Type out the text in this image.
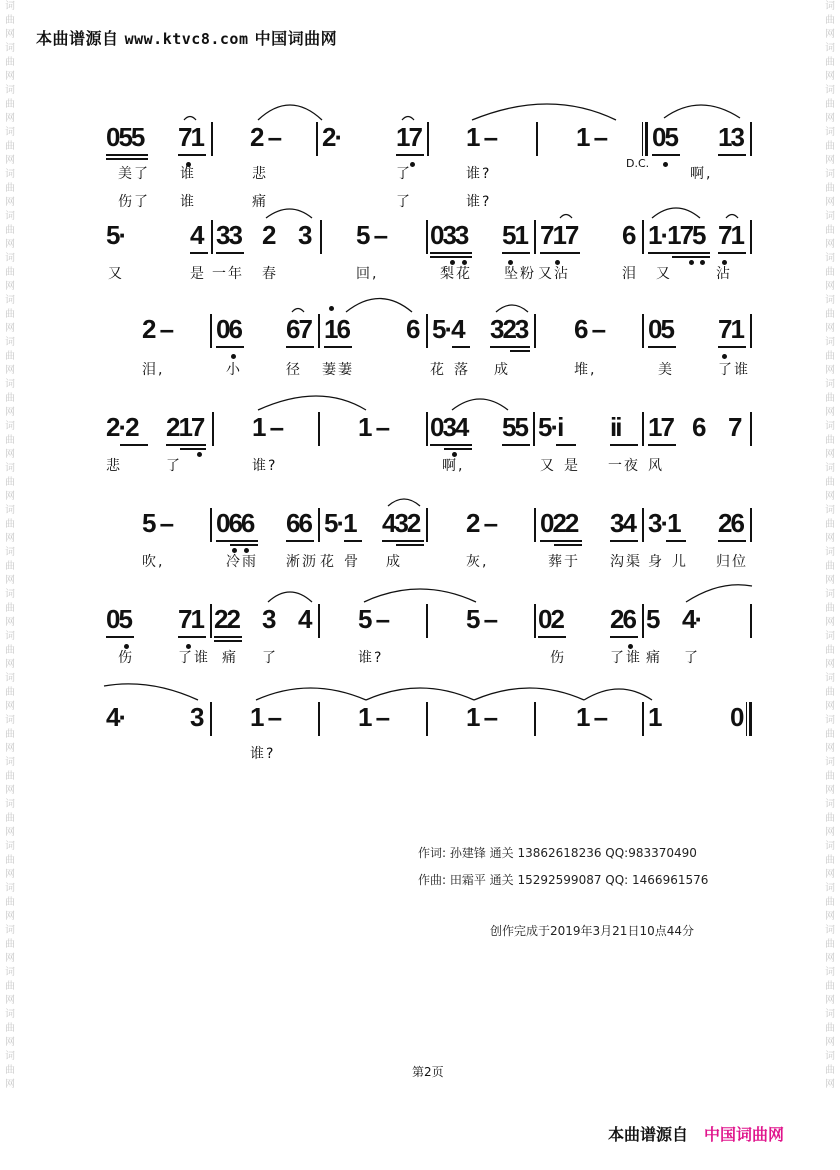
词曲网词曲网词曲网词曲网词曲网词曲网词曲网词曲网词曲网词曲网词曲网词曲网词曲网词曲网词曲网词曲网词曲网词曲网词曲网词曲网词曲网词曲网词曲网词曲网词曲网词曲网
词曲网词曲网词曲网词曲网词曲网词曲网词曲网词曲网词曲网词曲网词曲网词曲网词曲网词曲网词曲网词曲网词曲网词曲网词曲网词曲网词曲网词曲网词曲网词曲网词曲网词曲网
本曲谱源自 www.ktvc8.com 中国词曲网
055 71 2 – 2· 17 1 –	1 – 05 13
D.C.
美了 谁	悲	了	谁?	啊,
伤了 谁	痛	了	谁?
5· 4 33 2 3 5 – 033 51 717 6 1·175 71
又	是 一年 春	回,	梨花 坠粉 又沾	泪 又	沾
2 – 06 67 16 6 5·4 323 6 – 05 71
泪,	小	径 萋萋	花 落 成	堆,	美	了谁
2·2 217 1 –	1 – 034 55 5·i ii 17 6 7
悲	了	谁?	啊,	又 是 一夜 风
5 – 066 66 5·1 432 2 – 022 34 3·1 26
吹,	冷雨 淅沥 花 骨 成	灰,	葬于 沟渠 身 儿 归位
05 71 22 3 4 5 –	5 – 02 26 5 4·
伤	了谁 痛 了	谁?	伤	了谁 痛 了
4· 3 1 –	1 –	1 –	1 – 1	0
谁?
作词: 孙建锋 通关 13862618236 QQ:983370490
作曲: 田霜平 通关 15292599087 QQ: 1466961576
创作完成于2019年3月21日10点44分
第2页
本曲谱源自 中国词曲网
